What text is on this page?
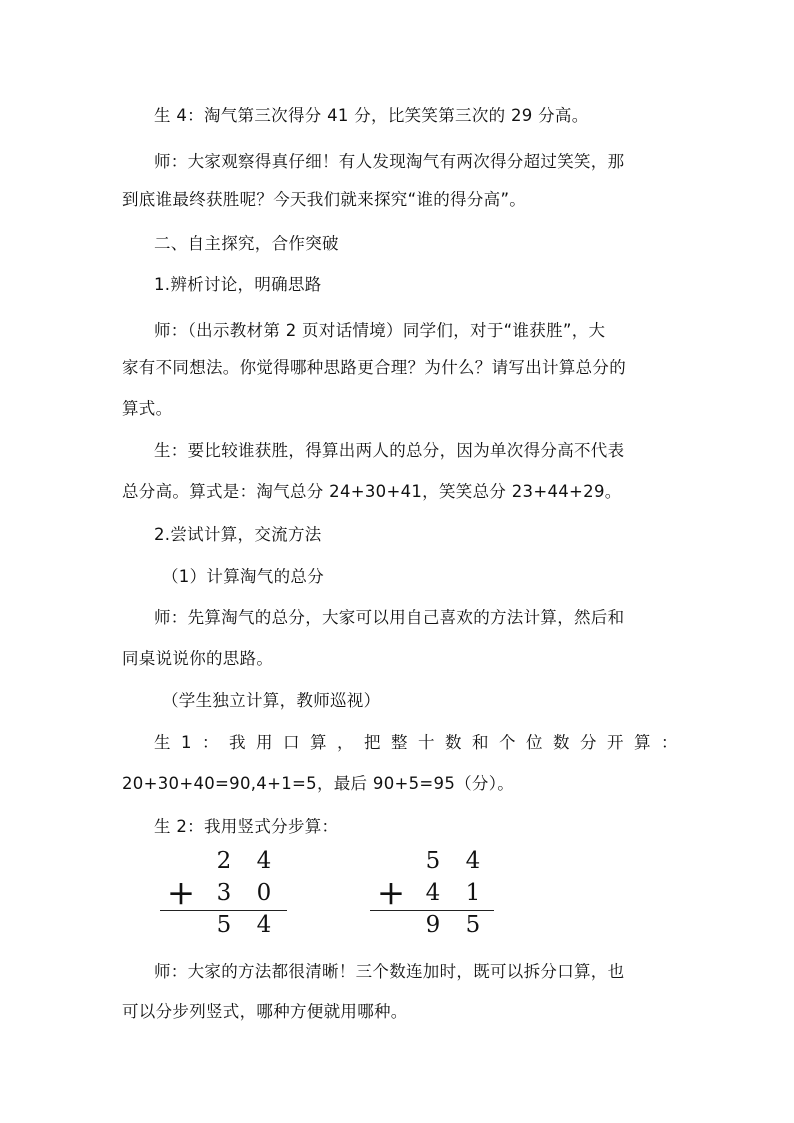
生 4：淘气第三次得分 41 分，比笑笑第三次的 29 分高。
师：大家观察得真仔细！有人发现淘气有两次得分超过笑笑，那
到底谁最终获胜呢？今天我们就来探究“谁的得分高”。
二、自主探究，合作突破
1.辨析讨论，明确思路
师：（出示教材第 2 页对话情境）同学们，对于“谁获胜”，大
家有不同想法。你觉得哪种思路更合理？为什么？请写出计算总分的
算式。
生：要比较谁获胜，得算出两人的总分，因为单次得分高不代表
总分高。算式是：淘气总分 24+30+41，笑笑总分 23+44+29。
2.尝试计算，交流方法
（1）计算淘气的总分
师：先算淘气的总分，大家可以用自己喜欢的方法计算，然后和
同桌说说你的思路。
（学生独立计算，教师巡视）
生 1 ： 我 用 口 算 ， 把 整 十 数 和 个 位 数 分 开 算 ：
20+30+40=90,4+1=5，最后 90+5=95（分）。
生 2：我用竖式分步算：
2 4
+ 3 0
5 4
5 4
+ 4 1
9 5
师：大家的方法都很清晰！三个数连加时，既可以拆分口算，也
可以分步列竖式，哪种方便就用哪种。
